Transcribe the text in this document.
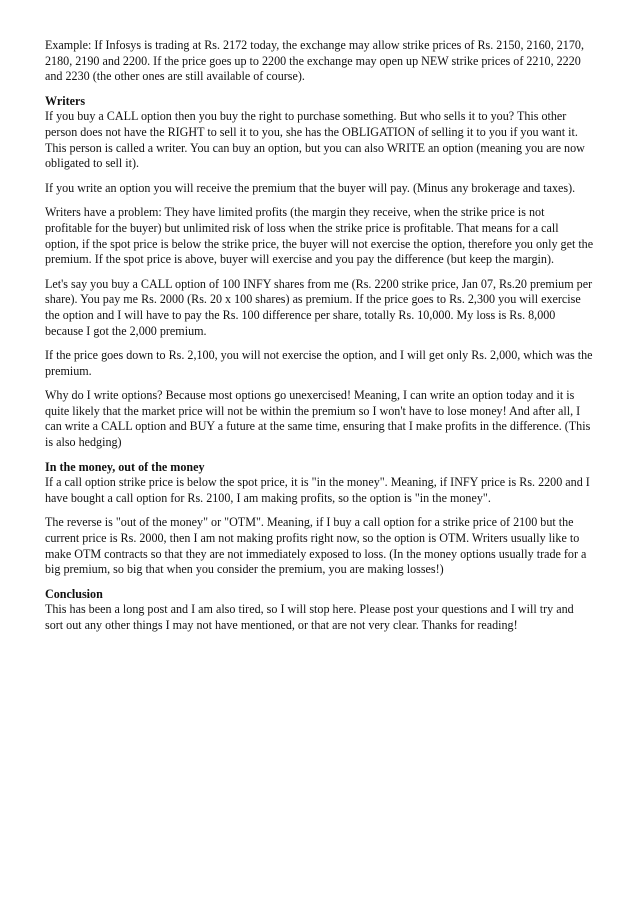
Example: If Infosys is trading at Rs. 2172 today, the exchange may allow strike prices of Rs. 2150, 2160, 2170, 2180, 2190 and 2200. If the price goes up to 2200 the exchange may open up NEW strike prices of 2210, 2220 and 2230 (the other ones are still available of course).
Writers
If you buy a CALL option then you buy the right to purchase something. But who sells it to you? This other person does not have the RIGHT to sell it to you, she has the OBLIGATION of selling it to you if you want it. This person is called a writer. You can buy an option, but you can also WRITE an option (meaning you are now obligated to sell it).
If you write an option you will receive the premium that the buyer will pay. (Minus any brokerage and taxes).
Writers have a problem: They have limited profits (the margin they receive, when the strike price is not profitable for the buyer) but unlimited risk of loss when the strike price is profitable. That means for a call option, if the spot price is below the strike price, the buyer will not exercise the option, therefore you only get the premium. If the spot price is above, buyer will exercise and you pay the difference (but keep the margin).
Let's say you buy a CALL option of 100 INFY shares from me (Rs. 2200 strike price, Jan 07, Rs.20 premium per share). You pay me Rs. 2000 (Rs. 20 x 100 shares) as premium. If the price goes to Rs. 2,300 you will exercise the option and I will have to pay the Rs. 100 difference per share, totally Rs. 10,000. My loss is Rs. 8,000 because I got the 2,000 premium.
If the price goes down to Rs. 2,100, you will not exercise the option, and I will get only Rs. 2,000, which was the premium.
Why do I write options? Because most options go unexercised! Meaning, I can write an option today and it is quite likely that the market price will not be within the premium so I won't have to lose money! And after all, I can write a CALL option and BUY a future at the same time, ensuring that I make profits in the difference. (This is also hedging)
In the money, out of the money
If a call option strike price is below the spot price, it is "in the money". Meaning, if INFY price is Rs. 2200 and I have bought a call option for Rs. 2100, I am making profits, so the option is "in the money".
The reverse is "out of the money" or "OTM". Meaning, if I buy a call option for a strike price of 2100 but the current price is Rs. 2000, then I am not making profits right now, so the option is OTM. Writers usually like to make OTM contracts so that they are not immediately exposed to loss. (In the money options usually trade for a big premium, so big that when you consider the premium, you are making losses!)
Conclusion
This has been a long post and I am also tired, so I will stop here. Please post your questions and I will try and sort out any other things I may not have mentioned, or that are not very clear. Thanks for reading!
